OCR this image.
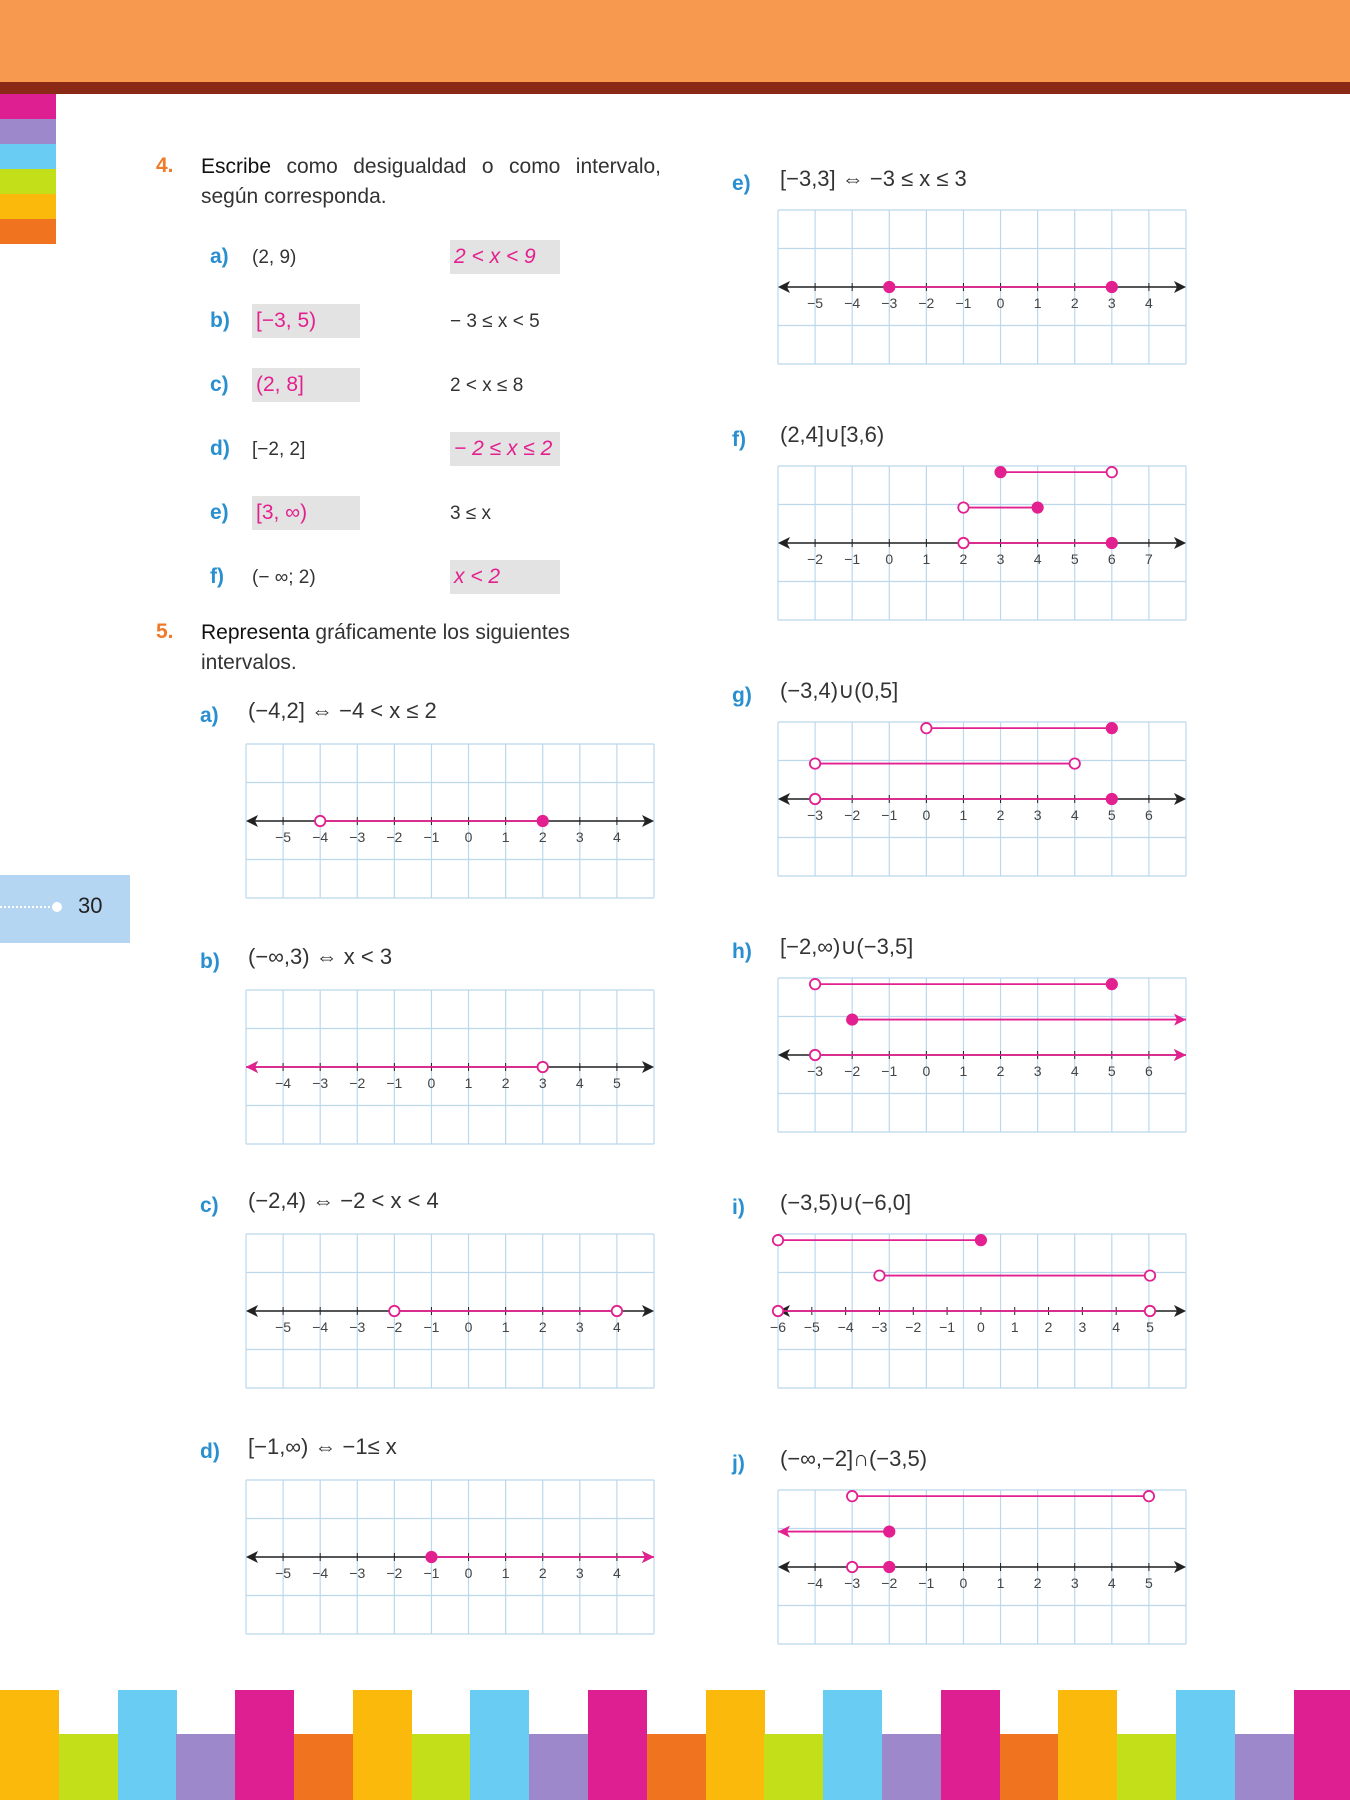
30
4. Escribe como desigualdad o como intervalo, según corresponda.
a) (2, 9)	2 < x < 9
b) [−3, 5)	− 3 ≤ x < 5
c) (2, 8]	2 < x ≤ 8
d) [−2, 2]	− 2 ≤ x ≤ 2
e) [3, ∞)	3 ≤ x
f) (− ∞; 2)	x < 2
5. Representa gráficamente los siguientes intervalos.
a) (−4,2] ⇔ −4 < x ≤ 2
−5 −4 −3 −2 −1 0 1 2 3 4
b) (−∞,3) ⇔ x < 3
−4 −3 −2 −1 0 1 2 3 4 5
c) (−2,4) ⇔ −2 < x < 4
−5 −4 −3 −2 −1 0 1 2 3 4
d) [−1,∞) ⇔ −1≤ x
−5 −4 −3 −2 −1 0 1 2 3 4
e) [−3,3] ⇔ −3 ≤ x ≤ 3
−5 −4 −3 −2 −1 0 1 2 3 4
f) (2,4]∪[3,6)
−2 −1 0 1 2 3 4 5 6 7
g) (−3,4)∪(0,5]
−3 −2 −1 0 1 2 3 4 5 6
h) [−2,∞)∪(−3,5]
−3 −2 −1 0 1 2 3 4 5 6
i) (−3,5)∪(−6,0]
−6 −5 −4 −3 −2 −1 0 1 2 3 4 5
j) (−∞,−2]∩(−3,5)
−4 −3 −2 −1 0 1 2 3 4 5
